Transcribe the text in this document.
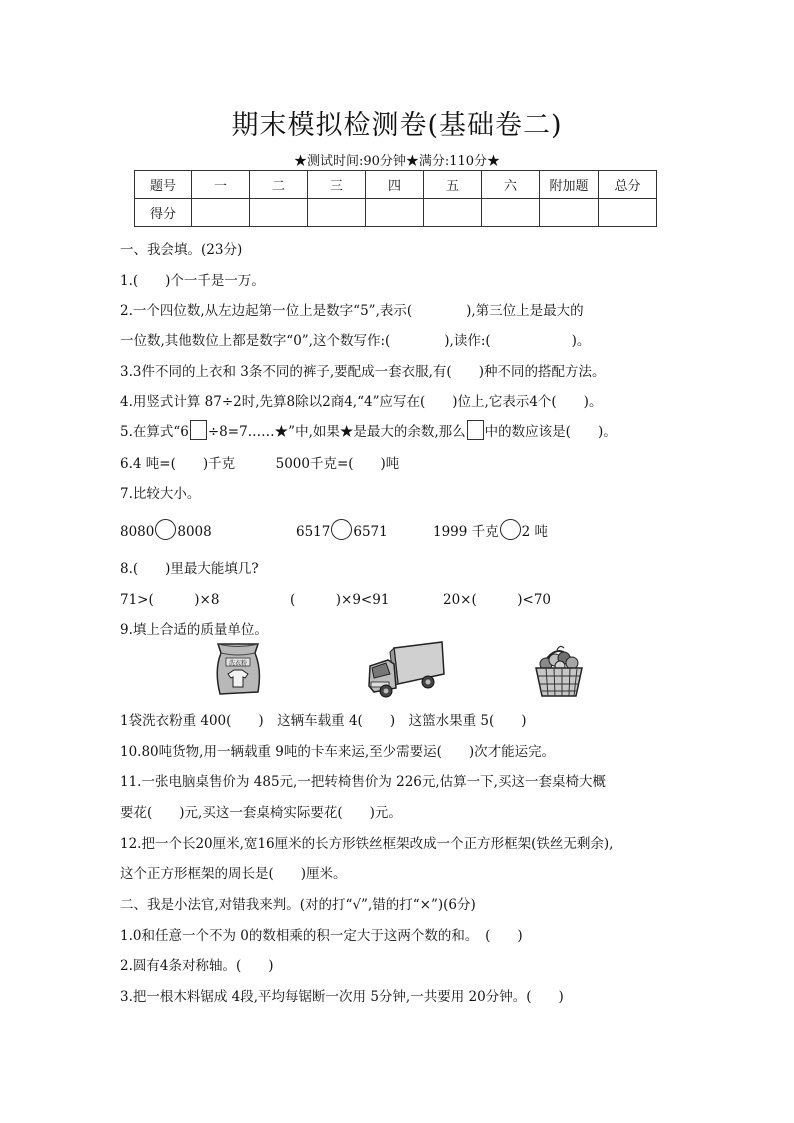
期末模拟检测卷(基础卷二)
★测试时间:90分钟★满分:110分★
题号	一	二	三	四	五	六	附加题	总分
得分								
一、我会填。(23分)
1.(　　)个一千是一万。
2.一个四位数,从左边起第一位上是数字“5”,表示(　　　　),第三位上是最大的
一位数,其他数位上都是数字“0”,这个数写作:(　　　　),读作:(　　　　　　)。
3.3件不同的上衣和 3条不同的裤子,要配成一套衣服,有(　　)种不同的搭配方法。
4.用竖式计算 87÷2时,先算8除以2商4,“4”应写在(　　)位上,它表示4个(　　)。
5.在算式“6 ÷8=7……★”中,如果★是最大的余数,那么 中的数应该是(　　)。
6.4 吨=(　　)千克　　　5000千克=(　　)吨
7.比较大小。
8080 8008	6517 6571	1999 千克 2 吨
8.(　　)里最大能填几?
71>(　　　)×8	(　　　)×9<91	20×(　　　)<70
9.填上合适的质量单位。
洗衣粉
1袋洗衣粉重 400(　　)　这辆车载重 4(　　)　这篮水果重 5(　　)
10.80吨货物,用一辆载重 9吨的卡车来运,至少需要运(　　)次才能运完。
11.一张电脑桌售价为 485元,一把转椅售价为 226元,估算一下,买这一套桌椅大概
要花(　　)元,买这一套桌椅实际要花(　　)元。
12.把一个长20厘米,宽16厘米的长方形铁丝框架改成一个正方形框架(铁丝无剩余),
这个正方形框架的周长是(　　)厘米。
二、我是小法官,对错我来判。(对的打“√”,错的打“×”)(6分)
1.0和任意一个不为 0的数相乘的积一定大于这两个数的和。　(　　)
2.圆有4条对称轴。(　　)
3.把一根木料锯成 4段,平均每锯断一次用 5分钟,一共要用 20分钟。(　　)
